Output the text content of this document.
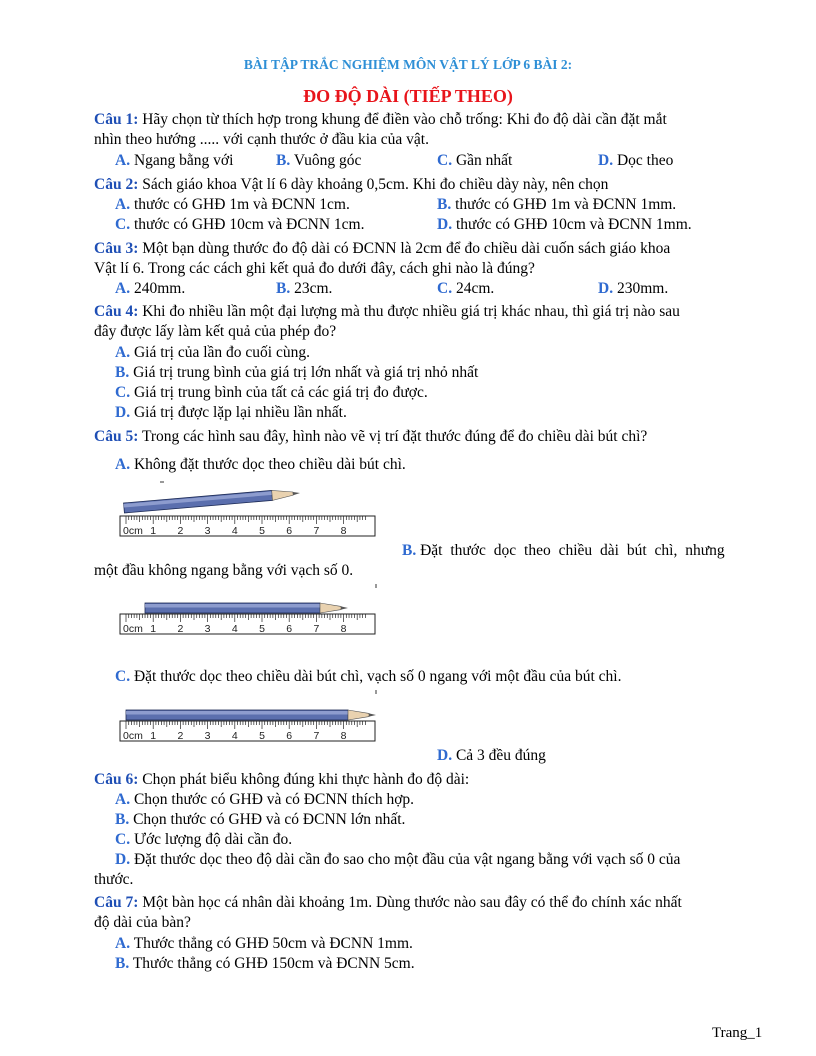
BÀI TẬP TRẮC NGHIỆM MÔN VẬT LÝ LỚP 6 BÀI 2:
ĐO ĐỘ DÀI (TIẾP THEO)
Câu 1: Hãy chọn từ thích hợp trong khung để điền vào chỗ trống: Khi đo độ dài cần đặt mắt
nhìn theo hướng ..... với cạnh thước ở đầu kia của vật.
A. Ngang bằng với	B. Vuông góc	C. Gần nhất	D. Dọc theo
Câu 2: Sách giáo khoa Vật lí 6 dày khoảng 0,5cm. Khi đo chiều dày này, nên chọn
A. thước có GHĐ 1m và ĐCNN 1cm.	B. thước có GHĐ 1m và ĐCNN 1mm.
C. thước có GHĐ 10cm và ĐCNN 1cm.	D. thước có GHĐ 10cm và ĐCNN 1mm.
Câu 3: Một bạn dùng thước đo độ dài có ĐCNN là 2cm để đo chiều dài cuốn sách giáo khoa
Vật lí 6. Trong các cách ghi kết quả đo dưới đây, cách ghi nào là đúng?
A. 240mm.	B. 23cm.	C. 24cm.	D. 230mm.
Câu 4: Khi đo nhiều lần một đại lượng mà thu được nhiều giá trị khác nhau, thì giá trị nào sau
đây được lấy làm kết quả của phép đo?
A. Giá trị của lần đo cuối cùng.
B. Giá trị trung bình của giá trị lớn nhất và giá trị nhỏ nhất
C. Giá trị trung bình của tất cả các giá trị đo được.
D. Giá trị được lặp lại nhiều lần nhất.
Câu 5: Trong các hình sau đây, hình nào vẽ vị trí đặt thước đúng để đo chiều dài bút chì?
A. Không đặt thước dọc theo chiều dài bút chì.
0cm 1 2 3 4 5 6 7 8
B. Đặt thước dọc theo chiều dài bút chì, nhưng
một đầu không ngang bằng với vạch số 0.
0cm 1 2 3 4 5 6 7 8
C. Đặt thước dọc theo chiều dài bút chì, vạch số 0 ngang với một đầu của bút chì.
0cm 1 2 3 4 5 6 7 8
D. Cả 3 đều đúng
Câu 6: Chọn phát biểu không đúng khi thực hành đo độ dài:
A. Chọn thước có GHĐ và có ĐCNN thích hợp.
B. Chọn thước có GHĐ và có ĐCNN lớn nhất.
C. Ước lượng độ dài cần đo.
D. Đặt thước dọc theo độ dài cần đo sao cho một đầu của vật ngang bằng với vạch số 0 của
thước.
Câu 7: Một bàn học cá nhân dài khoảng 1m. Dùng thước nào sau đây có thể đo chính xác nhất
độ dài của bàn?
A. Thước thẳng có GHĐ 50cm và ĐCNN 1mm.
B. Thước thẳng có GHĐ 150cm và ĐCNN 5cm.
Trang_1
